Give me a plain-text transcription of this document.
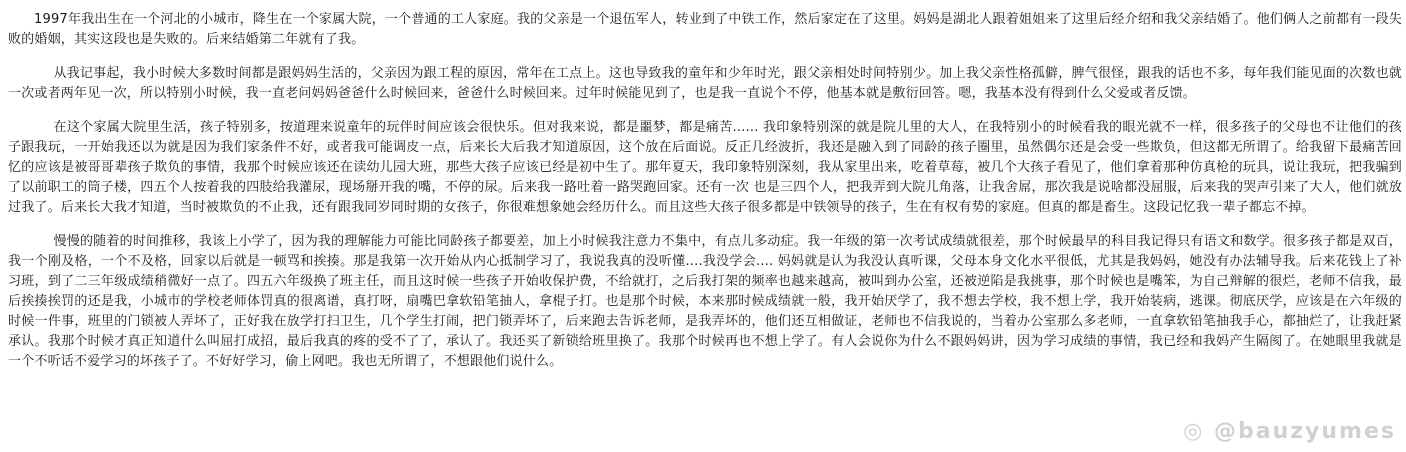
1997年我出生在一个河北的小城市，降生在一个家属大院，一个普通的工人家庭。我的父亲是一个退伍军人，转业到了中铁工作，然后家定在了这里。妈妈是湖北人跟着姐姐来了这里后经介绍和我父亲结婚了。他们俩人之前都有一段失败的婚姻，其实这段也是失败的。后来结婚第二年就有了我。

从我记事起，我小时候大多数时间都是跟妈妈生活的，父亲因为跟工程的原因，常年在工点上。这也导致我的童年和少年时光，跟父亲相处时间特别少。加上我父亲性格孤僻，脾气很怪，跟我的话也不多，每年我们能见面的次数也就一次或者两年见一次，所以特别小时候，我一直老问妈妈爸爸什么时候回来，爸爸什么时候回来。过年时候能见到了，也是我一直说个不停，他基本就是敷衍回答。嗯，我基本没有得到什么父爱或者反馈。

在这个家属大院里生活，孩子特别多，按道理来说童年的玩伴时间应该会很快乐。但对我来说，都是噩梦，都是痛苦...... 我印象特别深的就是院儿里的大人，在我特别小的时候看我的眼光就不一样，很多孩子的父母也不让他们的孩子跟我玩，一开始我还以为就是因为我们家条件不好，或者我可能调皮一点，后来长大后我才知道原因，这个放在后面说。反正几经波折，我还是融入到了同龄的孩子圈里，虽然偶尔还是会受一些欺负，但这都无所谓了。给我留下最痛苦回忆的应该是被哥哥辈孩子欺负的事情，我那个时候应该还在读幼儿园大班，那些大孩子应该已经是初中生了。那年夏天，我印象特别深刻，我从家里出来，吃着草莓，被几个大孩子看见了，他们拿着那种仿真枪的玩具，说让我玩，把我骗到了以前职工的筒子楼，四五个人按着我的四肢给我灌尿，现场掰开我的嘴，不停的尿。后来我一路吐着一路哭跑回家。还有一次 也是三四个人，把我弄到大院儿角落，让我舍屌，那次我是说啥都没屈服，后来我的哭声引来了大人，他们就放过我了。后来长大我才知道，当时被欺负的不止我，还有跟我同岁同时期的女孩子，你很难想象她会经历什么。而且这些大孩子很多都是中铁领导的孩子，生在有权有势的家庭。但真的都是畜生。这段记忆我一辈子都忘不掉。

慢慢的随着的时间推移，我该上小学了，因为我的理解能力可能比同龄孩子都要差，加上小时候我注意力不集中，有点儿多动症。我一年级的第一次考试成绩就很差，那个时候最早的科目我记得只有语文和数学。很多孩子都是双百，我一个刚及格，一个不及格，回家以后就是一顿骂和挨揍。那是我第一次开始从内心抵制学习了，我说我真的没听懂....我没学会.... 妈妈就是认为我没认真听课，父母本身文化水平很低，尤其是我妈妈，她没有办法辅导我。后来花钱上了补习班，到了二三年级成绩稍微好一点了。四五六年级换了班主任，而且这时候一些孩子开始收保护费，不给就打，之后我打架的频率也越来越高，被叫到办公室，还被逆陷是我挑事，那个时候也是嘴笨，为自己辩解的很烂，老师不信我，最后挨揍挨罚的还是我，小城市的学校老师体罚真的很离谱，真打呀，扇嘴巴拿软铅笔抽人，拿棍子打。也是那个时候，本来那时候成绩就一般，我开始厌学了，我不想去学校，我不想上学，我开始装病，逃课。彻底厌学，应该是在六年级的时候一件事，班里的门锁被人弄坏了，正好我在放学打扫卫生，几个学生打闹，把门锁弄坏了，后来跑去告诉老师，是我弄坏的，他们还互相做证，老师也不信我说的，当着办公室那么多老师，一直拿软铅笔抽我手心，都抽烂了，让我赶紧承认。我那个时候才真正知道什么叫屈打成招，最后我真的疼的受不了了，承认了。我还买了新锁给班里换了。我那个时候再也不想上学了。有人会说你为什么不跟妈妈讲，因为学习成绩的事情，我已经和我妈产生隔阂了。在她眼里我就是一个不听话不爱学习的坏孩子了。不好好学习，偷上网吧。我也无所谓了，不想跟他们说什么。

◎ @bauzyumes
